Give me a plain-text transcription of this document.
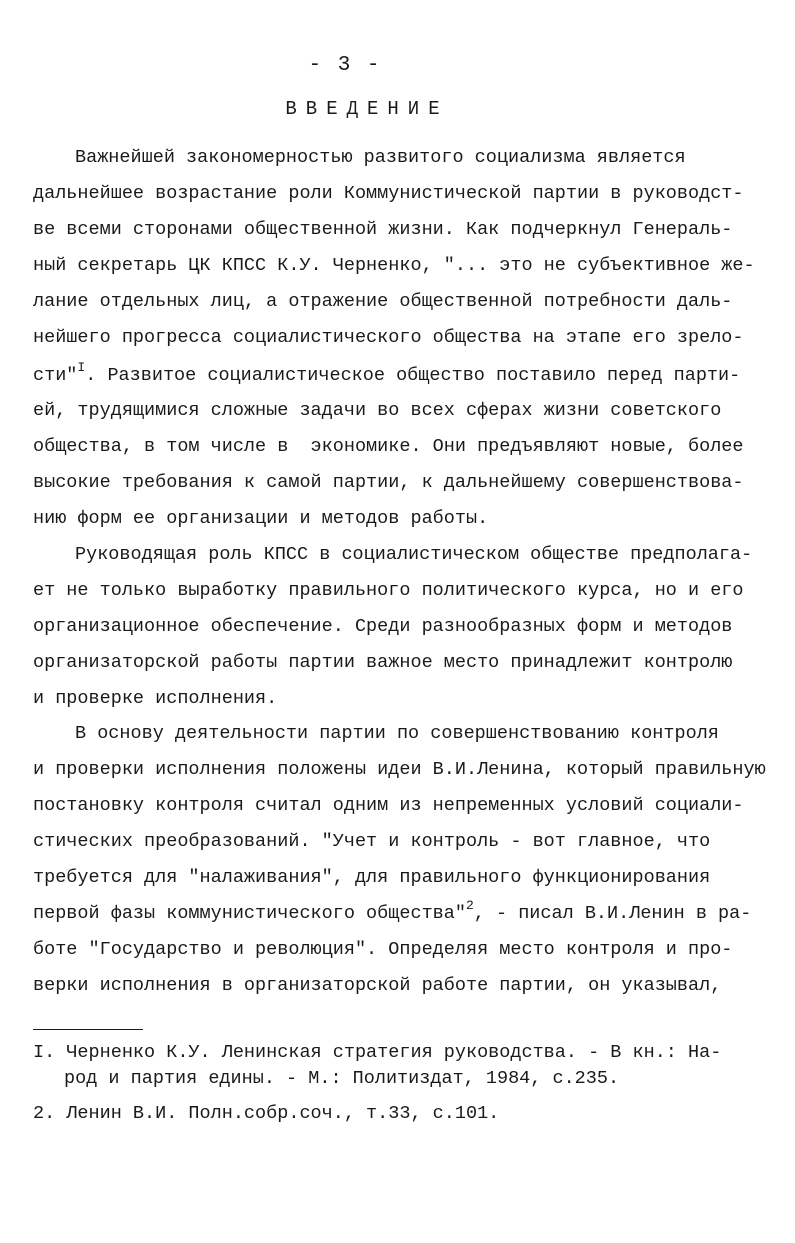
- 3 -
ВВЕДЕНИЕ
Важнейшей закономерностью развитого социализма является
дальнейшее возрастание роли Коммунистической партии в руководст-
ве всеми сторонами общественной жизни. Как подчеркнул Генераль-
ный секретарь ЦК КПСС К.У. Черненко, "... это не субъективное же-
лание отдельных лиц, а отражение общественной потребности даль-
нейшего прогресса социалистического общества на этапе его зрело-
сти"$^I$. Развитое социалистическое общество поставило перед парти-
ей, трудящимися сложные задачи во всех сферах жизни советского
общества, в том числе в  экономике. Они предъявляют новые, более
высокие требования к самой партии, к дальнейшему совершенствова-
нию форм ее организации и методов работы.
Руководящая роль КПСС в социалистическом обществе предполага-
ет не только выработку правильного политического курса, но и его
организационное обеспечение. Среди разнообразных форм и методов
организаторской работы партии важное место принадлежит контролю
и проверке исполнения.
В основу деятельности партии по совершенствованию контроля
и проверки исполнения положены идеи В.И.Ленина, который правильную
постановку контроля считал одним из непременных условий социали-
стических преобразований. "Учет и контроль - вот главное, что
требуется для "налаживания", для правильного функционирования
первой фазы коммунистического общества"$^2$, - писал В.И.Ленин в ра-
боте "Государство и революция". Определяя место контроля и про-
верки исполнения в организаторской работе партии, он указывал,
I. Черненко К.У. Ленинская стратегия руководства. - В кн.: На-
род и партия едины. - М.: Политиздат, 1984, с.235.
2. Ленин В.И. Полн.собр.соч., т.33, с.101.
